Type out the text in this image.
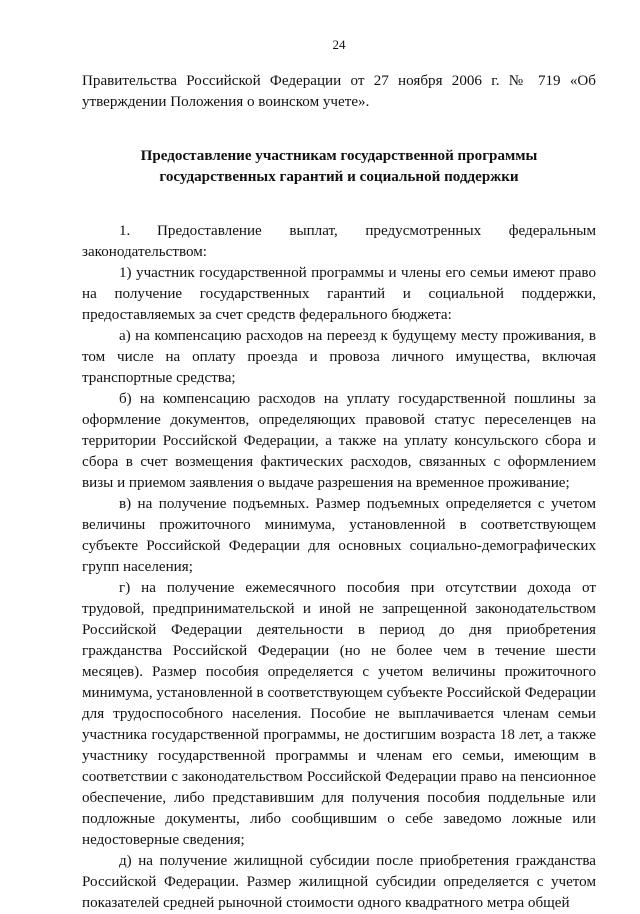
24

Правительства Российской Федерации от 27 ноября 2006 г. № 719 «Об утверждении Положения о воинском учете».

Предоставление участникам государственной программы

государственных гарантий и социальной поддержки

1. Предоставление выплат, предусмотренных федеральным законодательством:

1) участник государственной программы и члены его семьи имеют право на получение государственных гарантий и социальной поддержки, предоставляемых за счет средств федерального бюджета:

а) на компенсацию расходов на переезд к будущему месту проживания, в том числе на оплату проезда и провоза личного имущества, включая транспортные средства;

б) на компенсацию расходов на уплату государственной пошлины за оформление документов, определяющих правовой статус переселенцев на территории Российской Федерации, а также на уплату консульского сбора и сбора в счет возмещения фактических расходов, связанных с оформлением визы и приемом заявления о выдаче разрешения на временное проживание;

в) на получение подъемных. Размер подъемных определяется с учетом величины прожиточного минимума, установленной в соответствующем субъекте Российской Федерации для основных социально-демографических групп населения;

г) на получение ежемесячного пособия при отсутствии дохода от трудовой, предпринимательской и иной не запрещенной законодательством Российской Федерации деятельности в период до дня приобретения гражданства Российской Федерации (но не более чем в течение шести месяцев). Размер пособия определяется с учетом величины прожиточного минимума, установленной в соответствующем субъекте Российской Федерации для трудоспособного населения. Пособие не выплачивается членам семьи участника государственной программы, не достигшим возраста 18 лет, а также участнику государственной программы и членам его семьи, имеющим в соответствии с законодательством Российской Федерации право на пенсионное обеспечение, либо представившим для получения пособия поддельные или подложные документы, либо сообщившим о себе заведомо ложные или недостоверные сведения;

д) на получение жилищной субсидии после приобретения гражданства Российской Федерации. Размер жилищной субсидии определяется с учетом показателей средней рыночной стоимости одного квадратного метра общей
